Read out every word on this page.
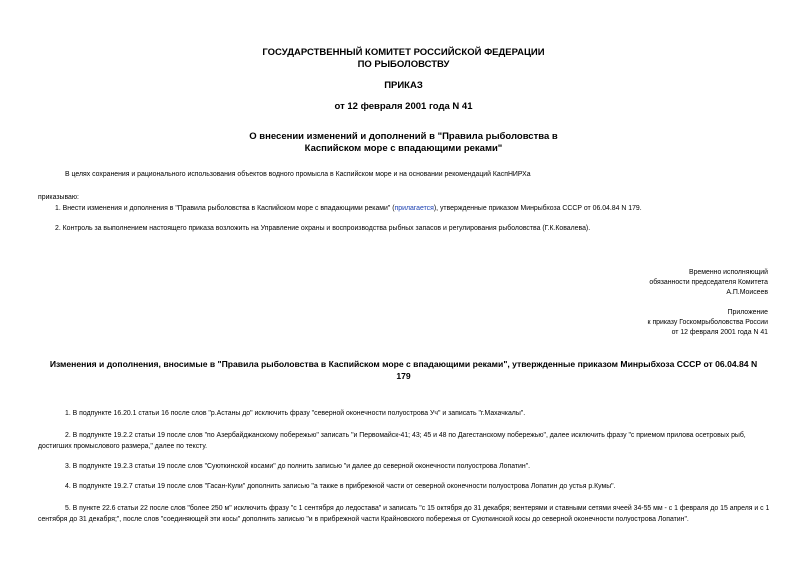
ГОСУДАРСТВЕННЫЙ КОМИТЕТ РОССИЙСКОЙ ФЕДЕРАЦИИ
ПО РЫБОЛОВСТВУ
ПРИКАЗ
от 12 февраля 2001 года N 41
О внесении изменений и дополнений в "Правила рыболовства в
Каспийском море с впадающими реками"
В целях сохранения и рационального использования объектов водного промысла в Каспийском море и на основании рекомендаций КаспНИРХа
приказываю:
1. Внести изменения и дополнения в "Правила рыболовства в Каспийском море с впадающими реками" (прилагается), утвержденные приказом Минрыбхоза СССР от 06.04.84 N 179.
2. Контроль за выполнением настоящего приказа возложить на Управление охраны и воспроизводства рыбных запасов и регулирования рыболовства (Г.К.Ковалева).
Временно исполняющий
обязанности председателя Комитета
А.П.Моисеев
Приложение
к приказу Госкомрыболовства России
от 12 февраля 2001 года N 41
Изменения и дополнения, вносимые в "Правила рыболовства в Каспийском море с впадающими реками", утвержденные приказом Минрыбхоза СССР от 06.04.84 N
179
1. В подпункте 16.20.1 статьи 16 после слов "р.Астаны до" исключить фразу "северной оконечности полуострова Уч" и записать "г.Махачкалы".
2. В подпункте 19.2.2 статьи 19 после слов "по Азербайджанскому побережью" записать "и Первомайск-41; 43; 45 и 48 по Дагестанскому побережью", далее исключить фразу "с приемом прилова осетровых рыб, достигших промыслового размера," далее по тексту.
3. В подпункте 19.2.3 статьи 19 после слов "Суюткинской косами" до полнить записью "и далее до северной оконечности полуострова Лопатин".
4. В подпункте 19.2.7 статьи 19 после слов "Гасан-Кули" дополнить записью "а также в прибрежной части от северной оконечности полуострова Лопатин до устья р.Кумы".
5. В пункте 22.6 статьи 22 после слов "более 250 м" исключить фразу "с 1 сентября до ледостава" и записать "с 15 октября до 31 декабря; вентерями и ставными сетями ячеей 34-55 мм - с 1 февраля до 15 апреля и с 1 сентября до 31 декабря;", после слов "соединяющей эти косы" дополнить записью "и в прибрежной части Крайновского побережья от Суюткинской косы до северной оконечности полуострова Лопатин".
